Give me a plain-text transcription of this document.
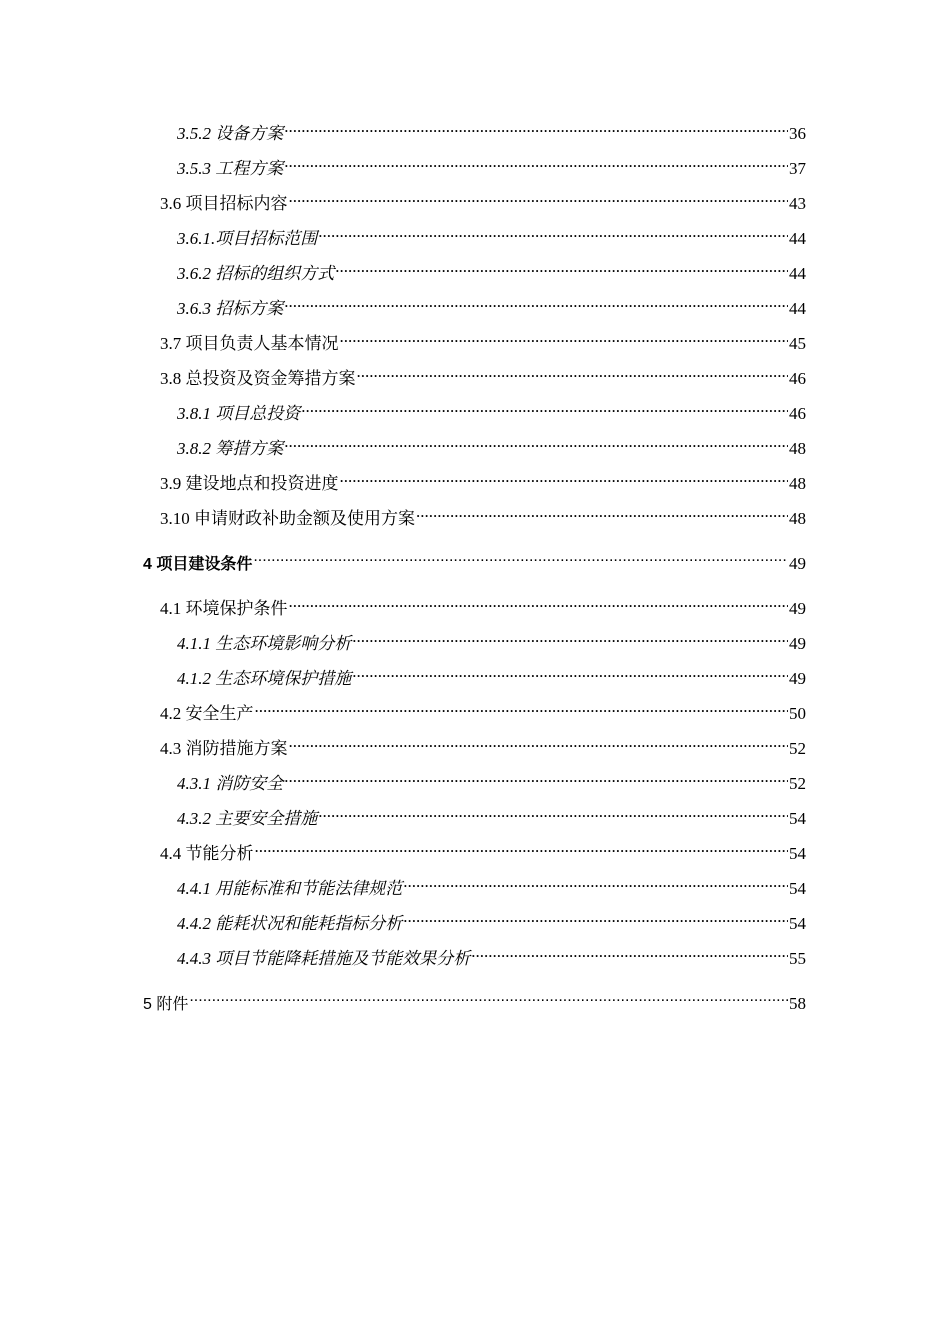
3.5.2 设备方案 .....	36
3.5.3 工程方案 .....	37
3.6 项目招标内容 .....	43
3.6.1.项目招标范围 .....	44
3.6.2 招标的组织方式 .....	44
3.6.3 招标方案 .....	44
3.7 项目负责人基本情况 .....	45
3.8 总投资及资金筹措方案 .....	46
3.8.1 项目总投资 .....	46
3.8.2 筹措方案 .....	48
3.9 建设地点和投资进度 .....	48
3.10 申请财政补助金额及使用方案 .....	48
4 项目建设条件 .....	49
4.1 环境保护条件 .....	49
4.1.1 生态环境影响分析 .....	49
4.1.2 生态环境保护措施 .....	49
4.2 安全生产 .....	50
4.3 消防措施方案 .....	52
4.3.1 消防安全 .....	52
4.3.2 主要安全措施 .....	54
4.4 节能分析 .....	54
4.4.1 用能标准和节能法律规范 .....	54
4.4.2 能耗状况和能耗指标分析 .....	54
4.4.3 项目节能降耗措施及节能效果分析 .....	55
5 附件 .....	58
